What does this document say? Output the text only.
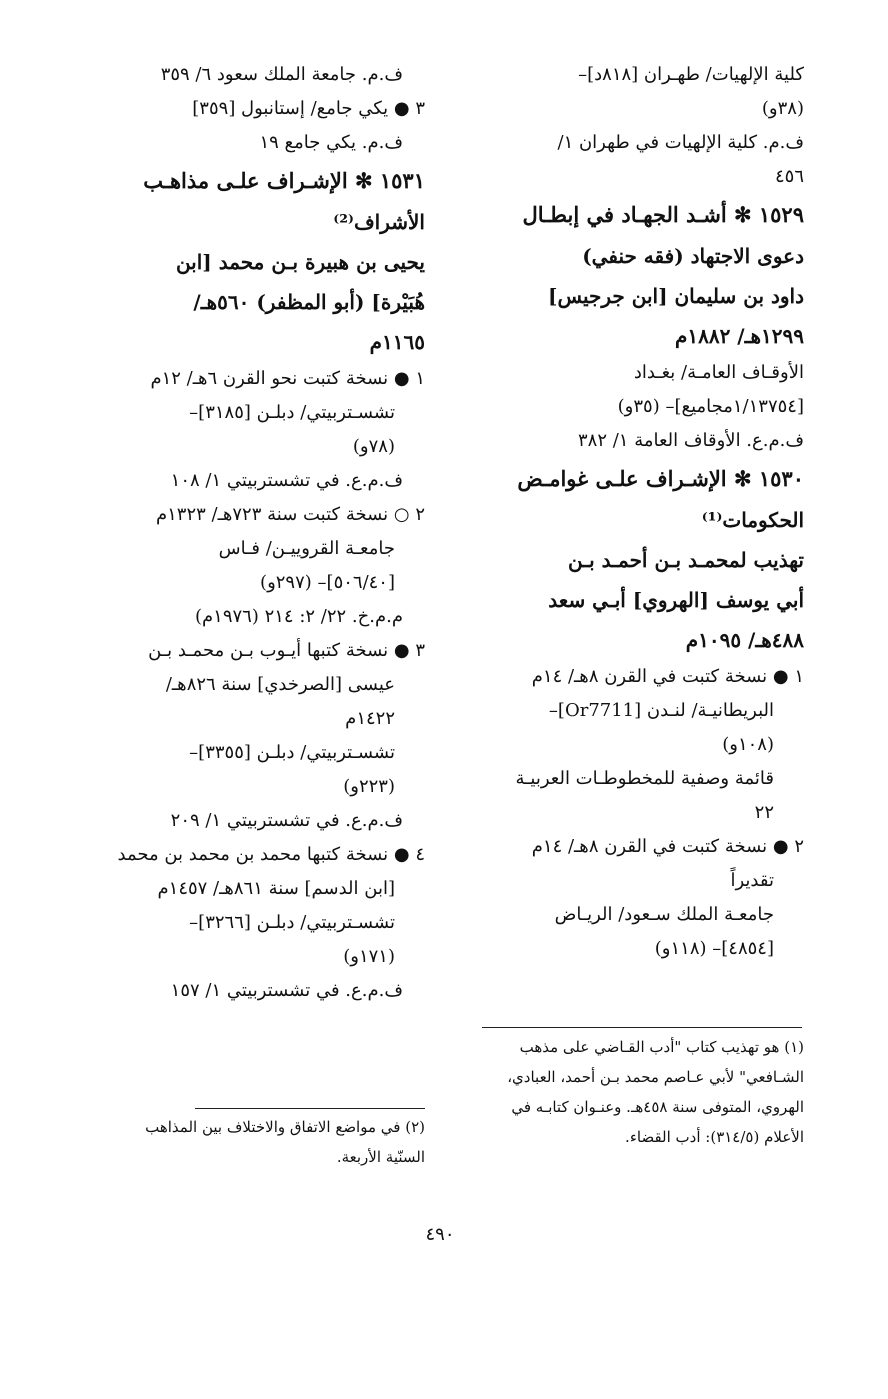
كلية الإلهيات/ طهـران [٨١٨د]–
(٣٨و)
ف.م. كلية الإلهيات في طهران ١/
٤٥٦
١٥٢٩ ✻ أشـد الجهـاد في إبطـال
دعوى الاجتهاد (فقه حنفي)
داود بن سليمان [ابن جرجيس]
١٢٩٩هـ/ ١٨٨٢م
الأوقـاف العامـة/ بغـداد
[١/١٣٧٥٤مجاميع]– (٣٥و)
ف.م.ع. الأوقاف العامة ١/ ٣٨٢
١٥٣٠ ✻ الإشـراف علـى غوامـض
الحكومات⁽¹⁾
تهذيب لمحمـد بـن أحمـد بـن
أبي يوسف [الهروي] أبـي سعد
٤٨٨هـ/ ١٠٩٥م
١ ● نسخة كتبت في القرن ٨هـ/ ١٤م
البريطانيـة/ لنـدن [Or7711]–
(١٠٨و)
قائمة وصفية للمخطوطـات العربيـة
٢٢
٢ ● نسخة كتبت في القرن ٨هـ/ ١٤م
تقديراً
جامعـة الملك سـعود/ الريـاض
[٤٨٥٤]– (١١٨و)
ف.م. جامعة الملك سعود ٦/ ٣٥٩
٣ ● يكي جامع/ إستانبول [٣٥٩]
ف.م. يكي جامع ١٩
١٥٣١ ✻ الإشـراف علـى مذاهـب
الأشراف⁽²⁾
يحيى بن هبيرة بـن محمد [ابن
هُبَيْرة] (أبو المظفر) ٥٦٠هـ/
١١٦٥م
١ ● نسخة كتبت نحو القرن ٦هـ/ ١٢م
تشسـتربيتي/ دبلـن [٣١٨٥]–
(٧٨و)
ف.م.ع. في تشستربيتي ١/ ١٠٨
٢ ○ نسخة كتبت سنة ٧٢٣هـ/ ١٣٢٣م
جامعـة القروييـن/ فـاس
[٥٠٦/٤٠]– (٢٩٧و)
م.م.خ. ٢٢/ ٢: ٢١٤ (١٩٧٦م)
٣ ● نسخة كتبها أيـوب بـن محمـد بـن
عيسى [الصرخدي] سنة ٨٢٦هـ/
١٤٢٢م
تشسـتربيتي/ دبلـن [٣٣٥٥]–
(٢٢٣و)
ف.م.ع. في تشستربيتي ١/ ٢٠٩
٤ ● نسخة كتبها محمد بن محمد بن محمد
[ابن الدسم] سنة ٨٦١هـ/ ١٤٥٧م
تشسـتربيتي/ دبلـن [٣٢٦٦]–
(١٧١و)
ف.م.ع. في تشستربيتي ١/ ١٥٧
(١) هو تهذيب كتاب "أدب القـاضي على مذهب
الشـافعي" لأبي عـاصم محمد بـن أحمد، العبادي،
الهروي، المتوفى سنة ٤٥٨هـ. وعنـوان كتابـه في
الأعلام (٣١٤/٥): أدب القضاء.
(٢) في مواضع الاتفاق والاختلاف بين المذاهب
السنّية الأربعة.
٤٩٠
